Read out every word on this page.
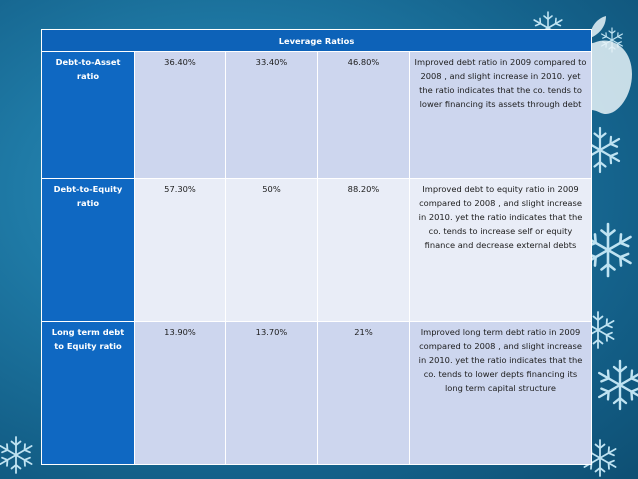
Leverage Ratios				
Debt-to-Asset ratio	36.40%	33.40%	46.80%	Improved debt ratio in 2009 compared to 2008 , and slight increase in 2010. yet the ratio indicates that the co. tends to lower financing its assets through debt
Debt-to-Equity ratio	57.30%	50%	88.20%	Improved debt to equity ratio in 2009 compared to 2008 , and slight increase in 2010. yet the ratio indicates that the co. tends to increase self or equity finance and decrease external debts
Long term debt to Equity ratio	13.90%	13.70%	21%	Improved long term debt ratio in 2009 compared to 2008 , and slight increase in 2010. yet the ratio indicates that the co. tends to lower depts financing its long term capital structure
